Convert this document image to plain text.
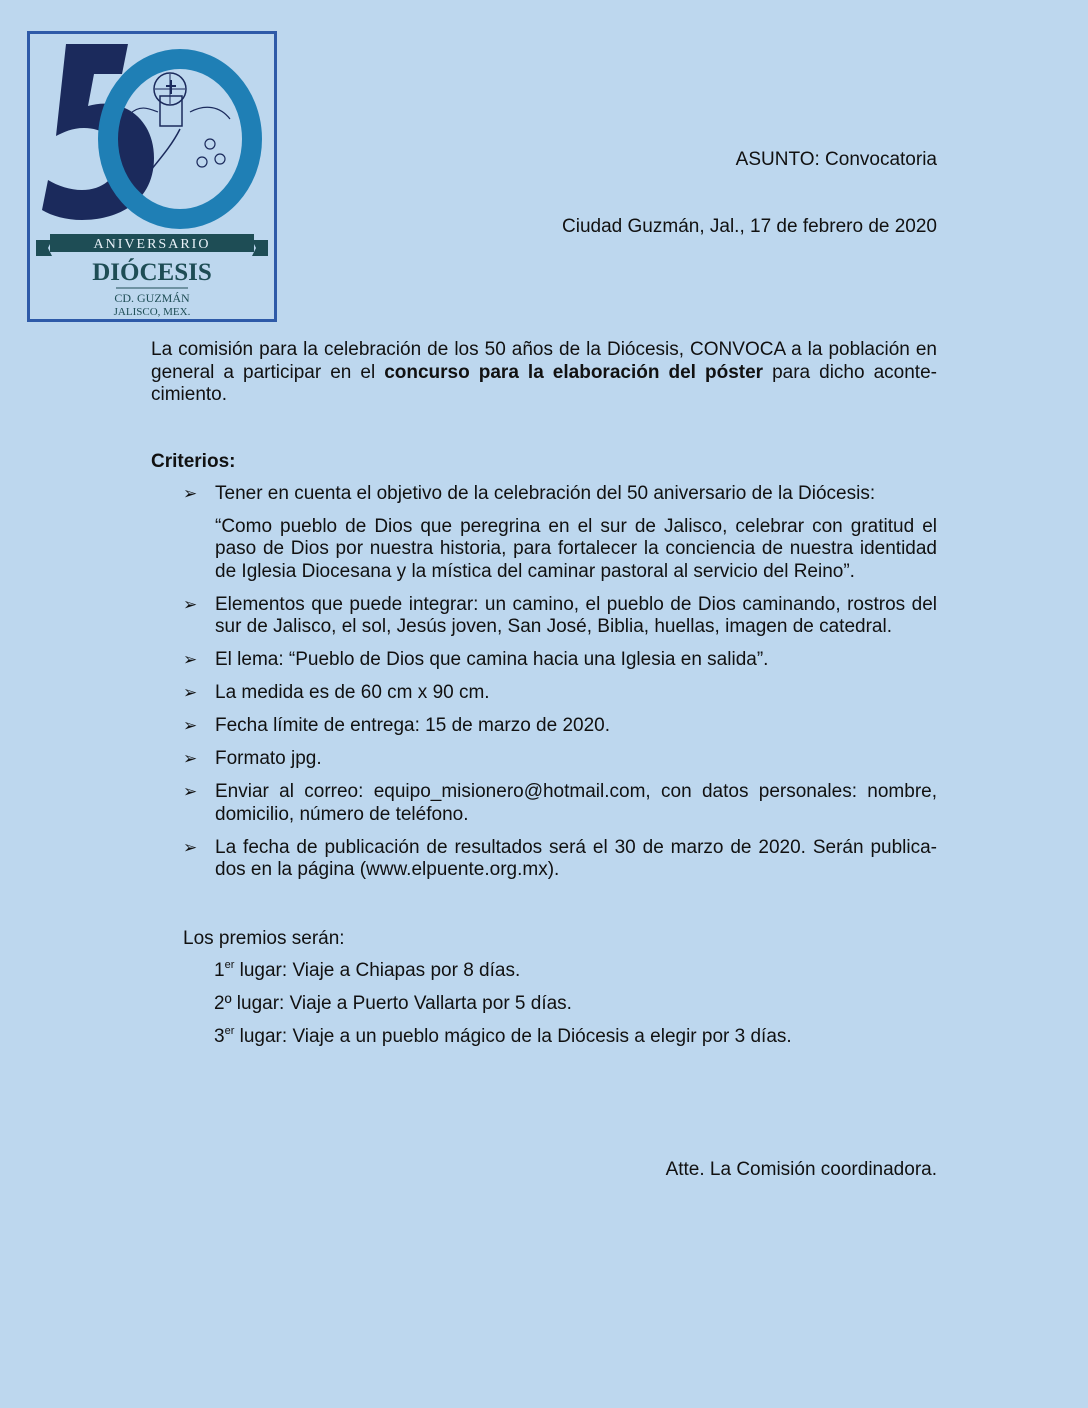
ANIVERSARIO
DIÓCESIS
CD. GUZMÁN
JALISCO, MEX.
ASUNTO: Convocatoria
Ciudad Guzmán, Jal., 17 de febrero de 2020
La comisión para la celebración de los 50 años de la Diócesis, CONVOCA a la población en general a participar en el concurso para la elaboración del póster para dicho aconte-cimiento.
Criterios:
➢ Tener en cuenta el objetivo de la celebración del 50 aniversario de la Diócesis:
“Como pueblo de Dios que peregrina en el sur de Jalisco, celebrar con gratitud el paso de Dios por nuestra historia, para fortalecer la conciencia de nuestra identidad de Iglesia Diocesana y la mística del caminar pastoral al servicio del Reino”.
➢ Elementos que puede integrar: un camino, el pueblo de Dios caminando, rostros del sur de Jalisco, el sol, Jesús joven, San José, Biblia, huellas, imagen de catedral.
➢ El lema: “Pueblo de Dios que camina hacia una Iglesia en salida”.
➢ La medida es de 60 cm x 90 cm.
➢ Fecha límite de entrega: 15 de marzo de 2020.
➢ Formato jpg.
➢ Enviar al correo: equipo_misionero@hotmail.com, con datos personales: nombre, domicilio, número de teléfono.
➢ La fecha de publicación de resultados será el 30 de marzo de 2020. Serán publica-dos en la página (www.elpuente.org.mx).
Los premios serán:
1er lugar: Viaje a Chiapas por 8 días.
2º lugar: Viaje a Puerto Vallarta por 5 días.
3er lugar: Viaje a un pueblo mágico de la Diócesis a elegir por 3 días.
Atte. La Comisión coordinadora.
